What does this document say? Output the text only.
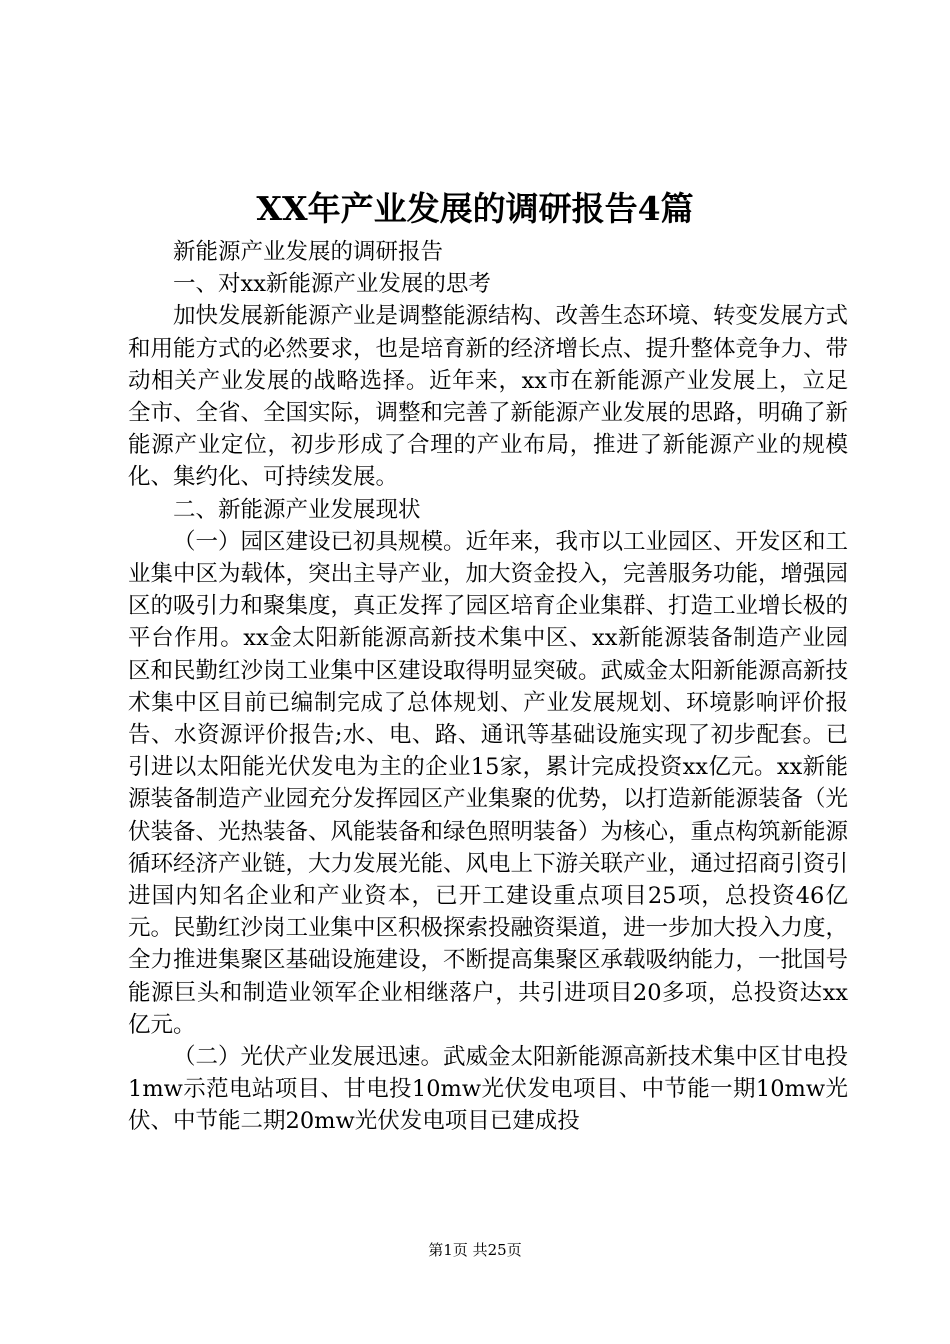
XX年产业发展的调研报告4篇

新能源产业发展的调研报告

一、对xx新能源产业发展的思考

加快发展新能源产业是调整能源结构、改善生态环境、转变发展方式和用能方式的必然要求，也是培育新的经济增长点、提升整体竞争力、带动相关产业发展的战略选择。近年来，xx市在新能源产业发展上，立足全市、全省、全国实际，调整和完善了新能源产业发展的思路，明确了新能源产业定位，初步形成了合理的产业布局，推进了新能源产业的规模化、集约化、可持续发展。

二、新能源产业发展现状

（一）园区建设已初具规模。近年来，我市以工业园区、开发区和工业集中区为载体，突出主导产业，加大资金投入，完善服务功能，增强园区的吸引力和聚集度，真正发挥了园区培育企业集群、打造工业增长极的平台作用。xx金太阳新能源高新技术集中区、xx新能源装备制造产业园区和民勤红沙岗工业集中区建设取得明显突破。武威金太阳新能源高新技术集中区目前已编制完成了总体规划、产业发展规划、环境影响评价报告、水资源评价报告;水、电、路、通讯等基础设施实现了初步配套。已引进以太阳能光伏发电为主的企业15家，累计完成投资xx亿元。xx新能源装备制造产业园充分发挥园区产业集聚的优势，以打造新能源装备（光伏装备、光热装备、风能装备和绿色照明装备）为核心，重点构筑新能源循环经济产业链，大力发展光能、风电上下游关联产业，通过招商引资引进国内知名企业和产业资本，已开工建设重点项目25项，总投资46亿元。民勤红沙岗工业集中区积极探索投融资渠道，进一步加大投入力度，全力推进集聚区基础设施建设，不断提高集聚区承载吸纳能力，一批国号能源巨头和制造业领军企业相继落户，共引进项目20多项，总投资达xx亿元。

（二）光伏产业发展迅速。武威金太阳新能源高新技术集中区甘电投1mw示范电站项目、甘电投10mw光伏发电项目、中节能一期10mw光伏、中节能二期20mw光伏发电项目已建成投

第1页 共25页
